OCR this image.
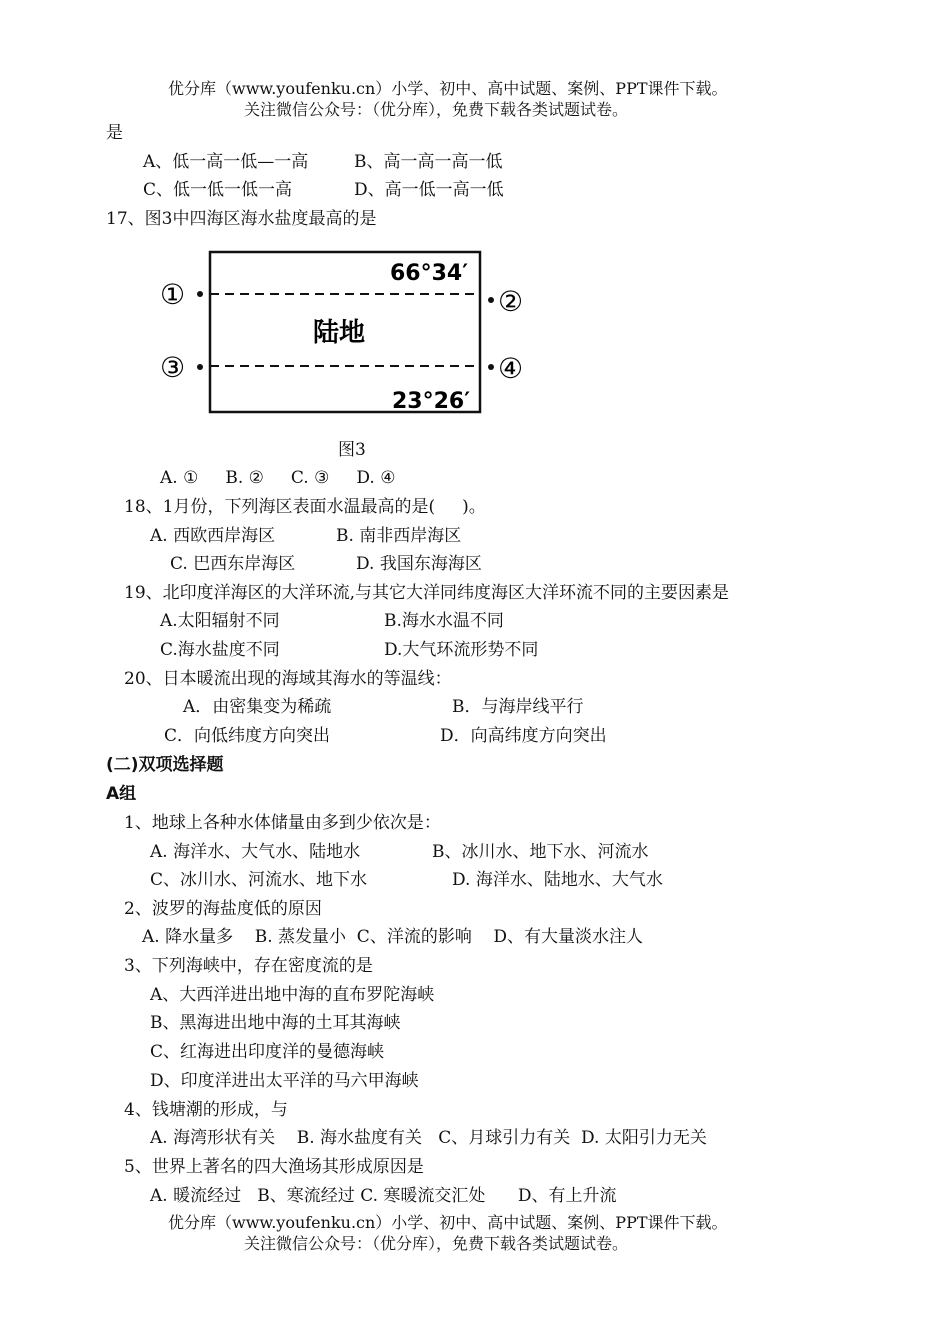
优分库（www.youfenku.cn）小学、初中、高中试题、案例、PPT课件下载。
关注微信公众号：（优分库），免费下载各类试题试卷。
是
A、低一高一低—一高	B、高一高一高一低
C、低一低一低一高	D、高一低一高一低
17、图3中四海区海水盐度最高的是
66°34′
23°26′
陆地
①	②
③	④
图3
A. ①     B. ②     C. ③     D. ④
18、1月份，下列海区表面水温最高的是(     )。
A. 西欧西岸海区	B. 南非西岸海区
C. 巴西东岸海区	D. 我国东海海区
19、北印度洋海区的大洋环流,与其它大洋同纬度海区大洋环流不同的主要因素是
A.太阳辐射不同	B.海水水温不同
C.海水盐度不同	D.大气环流形势不同
20、日本暖流出现的海域其海水的等温线：
A．由密集变为稀疏	B．与海岸线平行
C．向低纬度方向突出	D．向高纬度方向突出
(二)双项选择题
A组
1、地球上各种水体储量由多到少依次是：
A. 海洋水、大气水、陆地水	B、冰川水、地下水、河流水
C、冰川水、河流水、地下水	D. 海洋水、陆地水、大气水
2、波罗的海盐度低的原因
A. 降水量多    B. 蒸发量小  C、洋流的影响    D、有大量淡水注人
3、下列海峡中，存在密度流的是
A、大西洋进出地中海的直布罗陀海峡
B、黑海进出地中海的土耳其海峡
C、红海进出印度洋的曼德海峡
D、印度洋进出太平洋的马六甲海峡
4、钱塘潮的形成，与
A. 海湾形状有关    B. 海水盐度有关   C、月球引力有关  D. 太阳引力无关
5、世界上著名的四大渔场其形成原因是
A. 暖流经过   B、寒流经过 C. 寒暖流交汇处      D、有上升流
优分库（www.youfenku.cn）小学、初中、高中试题、案例、PPT课件下载。
关注微信公众号：（优分库），免费下载各类试题试卷。
